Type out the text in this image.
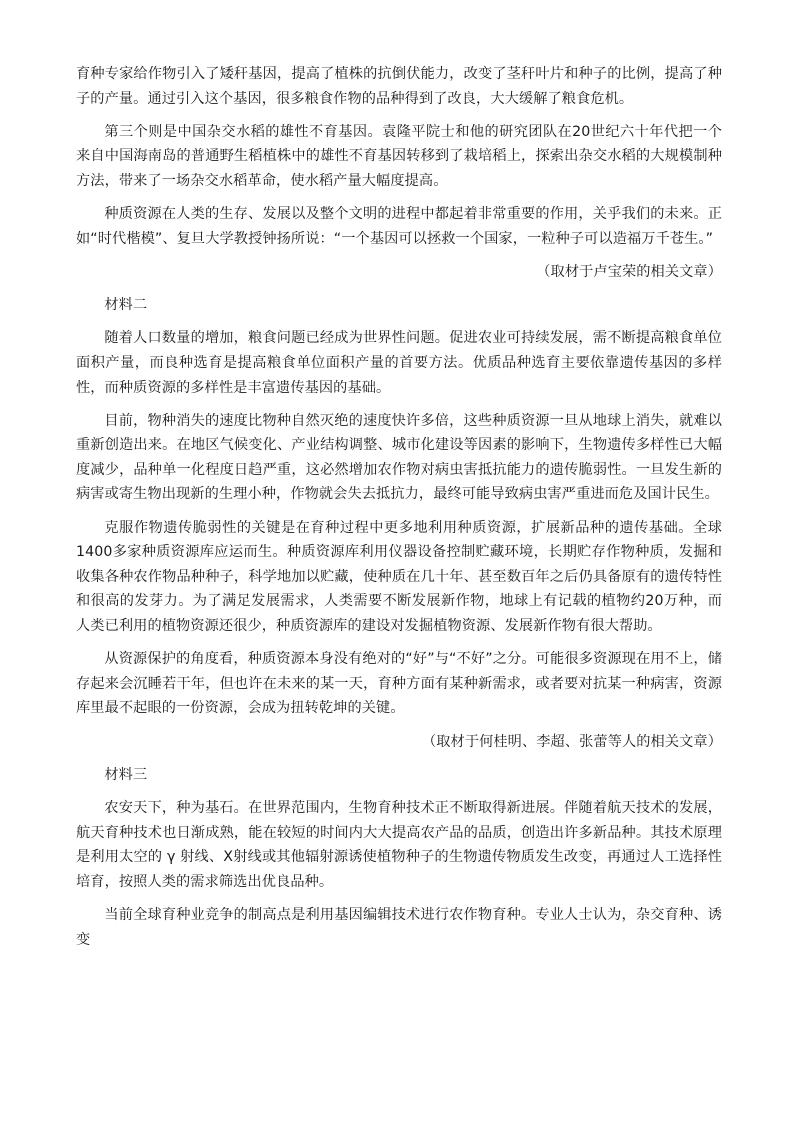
育种专家给作物引入了矮秆基因，提高了植株的抗倒伏能力，改变了茎秆叶片和种子的比例，提高了种子的产量。通过引入这个基因，很多粮食作物的品种得到了改良，大大缓解了粮食危机。

第三个则是中国杂交水稻的雄性不育基因。袁隆平院士和他的研究团队在20世纪六十年代把一个来自中国海南岛的普通野生稻植株中的雄性不育基因转移到了栽培稻上，探索出杂交水稻的大规模制种方法，带来了一场杂交水稻革命，使水稻产量大幅度提高。

种质资源在人类的生存、发展以及整个文明的进程中都起着非常重要的作用，关乎我们的未来。正如“时代楷模”、复旦大学教授钟扬所说：“一个基因可以拯救一个国家，一粒种子可以造福万千苍生。”

（取材于卢宝荣的相关文章）

材料二

随着人口数量的增加，粮食问题已经成为世界性问题。促进农业可持续发展，需不断提高粮食单位面积产量，而良种选育是提高粮食单位面积产量的首要方法。优质品种选育主要依靠遗传基因的多样性，而种质资源的多样性是丰富遗传基因的基础。

目前，物种消失的速度比物种自然灭绝的速度快许多倍，这些种质资源一旦从地球上消失，就难以重新创造出来。在地区气候变化、产业结构调整、城市化建设等因素的影响下，生物遗传多样性已大幅度减少，品种单一化程度日趋严重，这必然增加农作物对病虫害抵抗能力的遗传脆弱性。一旦发生新的病害或寄生物出现新的生理小种，作物就会失去抵抗力，最终可能导致病虫害严重进而危及国计民生。

克服作物遗传脆弱性的关键是在育种过程中更多地利用种质资源，扩展新品种的遗传基础。全球1400多家种质资源库应运而生。种质资源库利用仪器设备控制贮藏环境，长期贮存作物种质，发掘和收集各种农作物品种种子，科学地加以贮藏，使种质在几十年、甚至数百年之后仍具备原有的遗传特性和很高的发芽力。为了满足发展需求，人类需要不断发展新作物，地球上有记载的植物约20万种，而人类已利用的植物资源还很少，种质资源库的建设对发掘植物资源、发展新作物有很大帮助。

从资源保护的角度看，种质资源本身没有绝对的“好”与“不好”之分。可能很多资源现在用不上，储存起来会沉睡若干年，但也许在未来的某一天，育种方面有某种新需求，或者要对抗某一种病害，资源库里最不起眼的一份资源，会成为扭转乾坤的关键。

（取材于何桂明、李超、张蕾等人的相关文章）

材料三

农安天下，种为基石。在世界范围内，生物育种技术正不断取得新进展。伴随着航天技术的发展，航天育种技术也日渐成熟，能在较短的时间内大大提高农产品的品质，创造出许多新品种。其技术原理是利用太空的 γ 射线、X射线或其他辐射源诱使植物种子的生物遗传物质发生改变，再通过人工选择性培育，按照人类的需求筛选出优良品种。

当前全球育种业竞争的制高点是利用基因编辑技术进行农作物育种。专业人士认为，杂交育种、诱变
